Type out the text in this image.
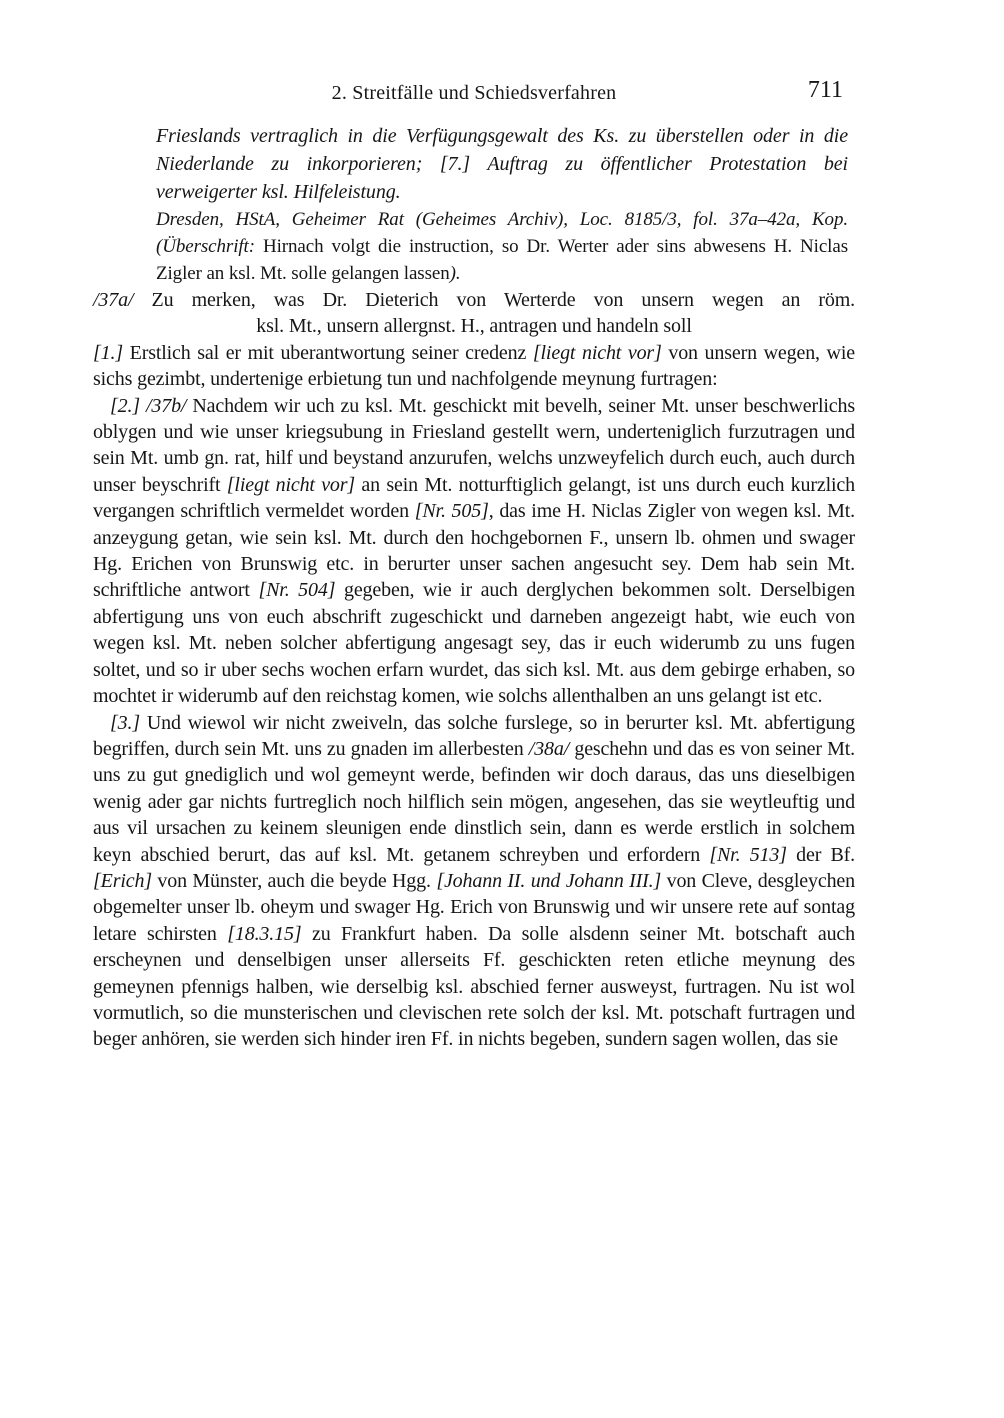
2. Streitfälle und Schiedsverfahren	711

Frieslands vertraglich in die Verfügungsgewalt des Ks. zu überstellen oder in die Niederlande zu inkorporieren; [7.] Auftrag zu öffentlicher Protestation bei verweigerter ksl. Hilfeleistung.

Dresden, HStA, Geheimer Rat (Geheimes Archiv), Loc. 8185/3, fol. 37a–42a, Kop. (Überschrift: Hirnach volgt die instruction, so Dr. Werter ader sins abwesens H. Niclas Zigler an ksl. Mt. solle gelangen lassen).

/37a/ Zu merken, was Dr. Dieterich von Werterde von unsern wegen an röm.

ksl. Mt., unsern allergnst. H., antragen und handeln soll

[1.] Erstlich sal er mit uberantwortung seiner credenz [liegt nicht vor] von unsern wegen, wie sichs gezimbt, undertenige erbietung tun und nachfolgende meynung furtragen:

[2.] /37b/ Nachdem wir uch zu ksl. Mt. geschickt mit bevelh, seiner Mt. unser beschwerlichs oblygen und wie unser kriegsubung in Friesland gestellt wern, underteniglich furzutragen und sein Mt. umb gn. rat, hilf und beystand anzurufen, welchs unzweyfelich durch euch, auch durch unser beyschrift [liegt nicht vor] an sein Mt. notturftiglich gelangt, ist uns durch euch kurzlich vergangen schriftlich vermeldet worden [Nr. 505], das ime H. Niclas Zigler von wegen ksl. Mt. anzeygung getan, wie sein ksl. Mt. durch den hochgebornen F., unsern lb. ohmen und swager Hg. Erichen von Brunswig etc. in berurter unser sachen angesucht sey. Dem hab sein Mt. schriftliche antwort [Nr. 504] gegeben, wie ir auch derglychen bekommen solt. Derselbigen abfertigung uns von euch abschrift zugeschickt und darneben angezeigt habt, wie euch von wegen ksl. Mt. neben solcher abfertigung angesagt sey, das ir euch widerumb zu uns fugen soltet, und so ir uber sechs wochen erfarn wurdet, das sich ksl. Mt. aus dem gebirge erhaben, so mochtet ir widerumb auf den reichstag komen, wie solchs allenthalben an uns gelangt ist etc.

[3.] Und wiewol wir nicht zweiveln, das solche furslege, so in berurter ksl. Mt. abfertigung begriffen, durch sein Mt. uns zu gnaden im allerbesten /38a/ geschehn und das es von seiner Mt. uns zu gut gnediglich und wol gemeynt werde, befinden wir doch daraus, das uns dieselbigen wenig ader gar nichts furtreglich noch hilflich sein mögen, angesehen, das sie weytleuftig und aus vil ursachen zu keinem sleunigen ende dinstlich sein, dann es werde erstlich in solchem keyn abschied berurt, das auf ksl. Mt. getanem schreyben und erfordern [Nr. 513] der Bf. [Erich] von Münster, auch die beyde Hgg. [Johann II. und Johann III.] von Cleve, desgleychen obgemelter unser lb. oheym und swager Hg. Erich von Brunswig und wir unsere rete auf sontag letare schirsten [18.3.15] zu Frankfurt haben. Da solle alsdenn seiner Mt. botschaft auch erscheynen und denselbigen unser allerseits Ff. geschickten reten etliche meynung des gemeynen pfennigs halben, wie derselbig ksl. abschied ferner ausweyst, furtragen. Nu ist wol vormutlich, so die munsterischen und clevischen rete solch der ksl. Mt. potschaft furtragen und beger anhören, sie werden sich hinder iren Ff. in nichts begeben, sundern sagen wollen, das sie
